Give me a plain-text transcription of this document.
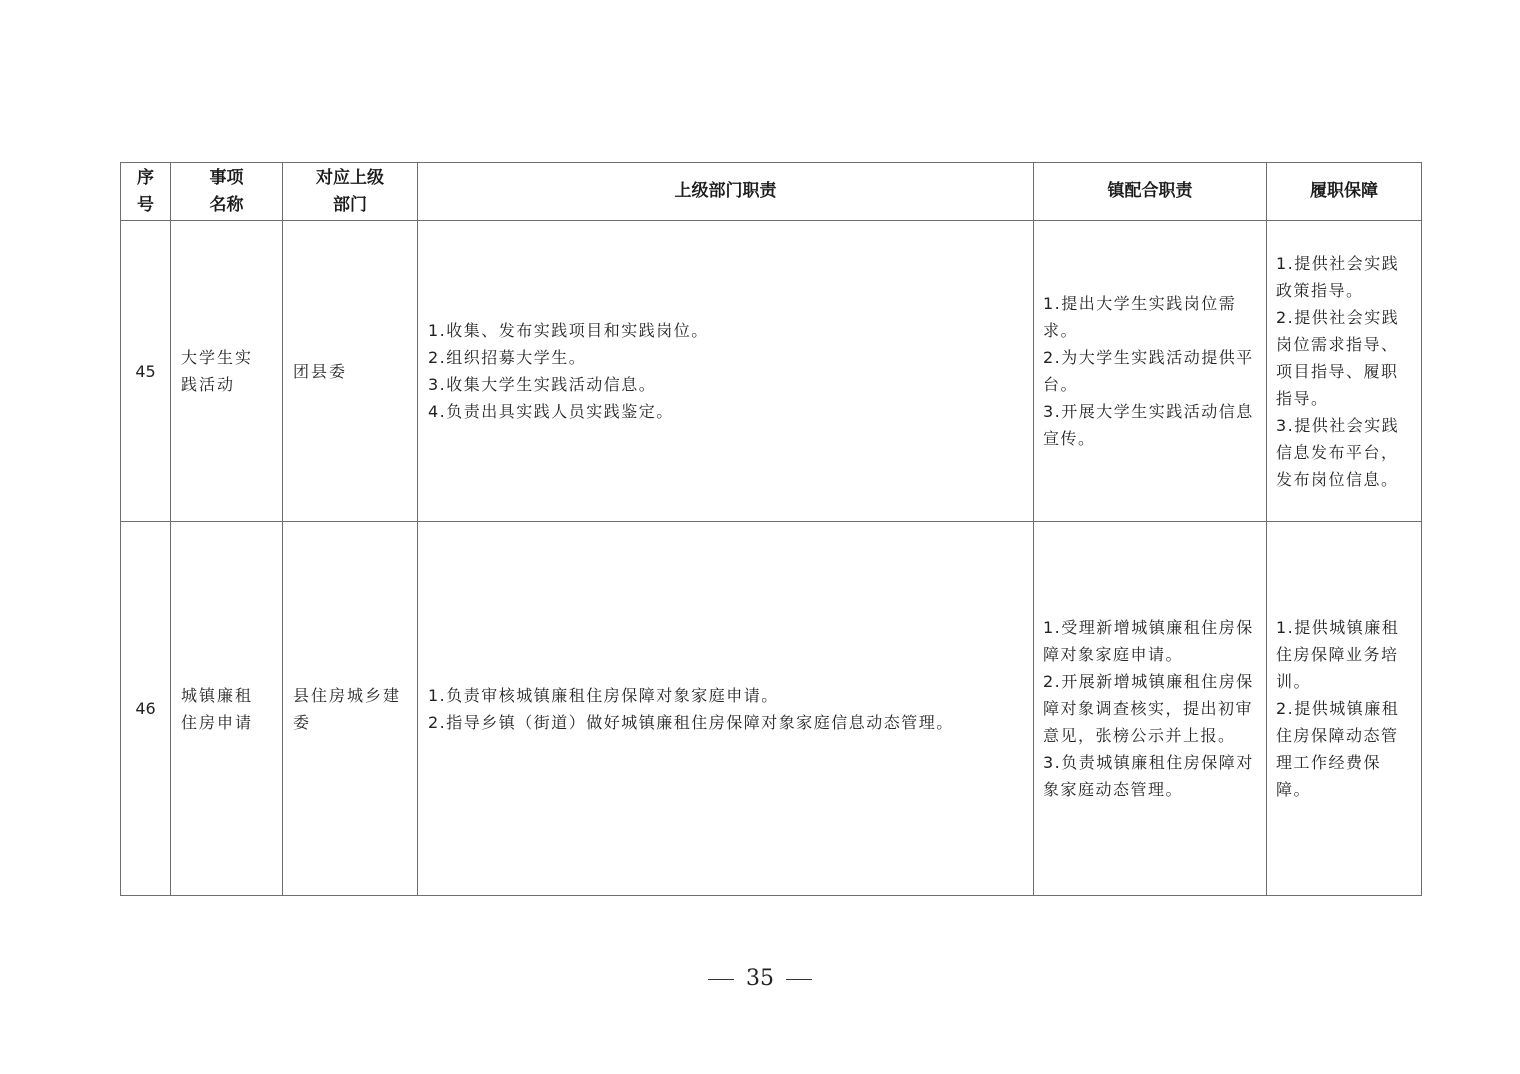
序
号	事项
名称	对应上级
部门	上级部门职责	镇配合职责	履职保障
45	大学生实
践活动	团县委	1.收集、发布实践项目和实践岗位。
2.组织招募大学生。
3.收集大学生实践活动信息。
4.负责出具实践人员实践鉴定。	1.提出大学生实践岗位需求。
2.为大学生实践活动提供平台。
3.开展大学生实践活动信息宣传。	1.提供社会实践政策指导。
2.提供社会实践岗位需求指导、项目指导、履职指导。
3.提供社会实践信息发布平台，发布岗位信息。

46	城镇廉租
住房申请	县住房城乡建
委	1.负责审核城镇廉租住房保障对象家庭申请。
2.指导乡镇（街道）做好城镇廉租住房保障对象家庭信息动态管理。	1.受理新增城镇廉租住房保障对象家庭申请。
2.开展新增城镇廉租住房保障对象调查核实，提出初审意见，张榜公示并上报。
3.负责城镇廉租住房保障对象家庭动态管理。	1.提供城镇廉租住房保障业务培训。
2.提供城镇廉租住房保障动态管理工作经费保障。
35
